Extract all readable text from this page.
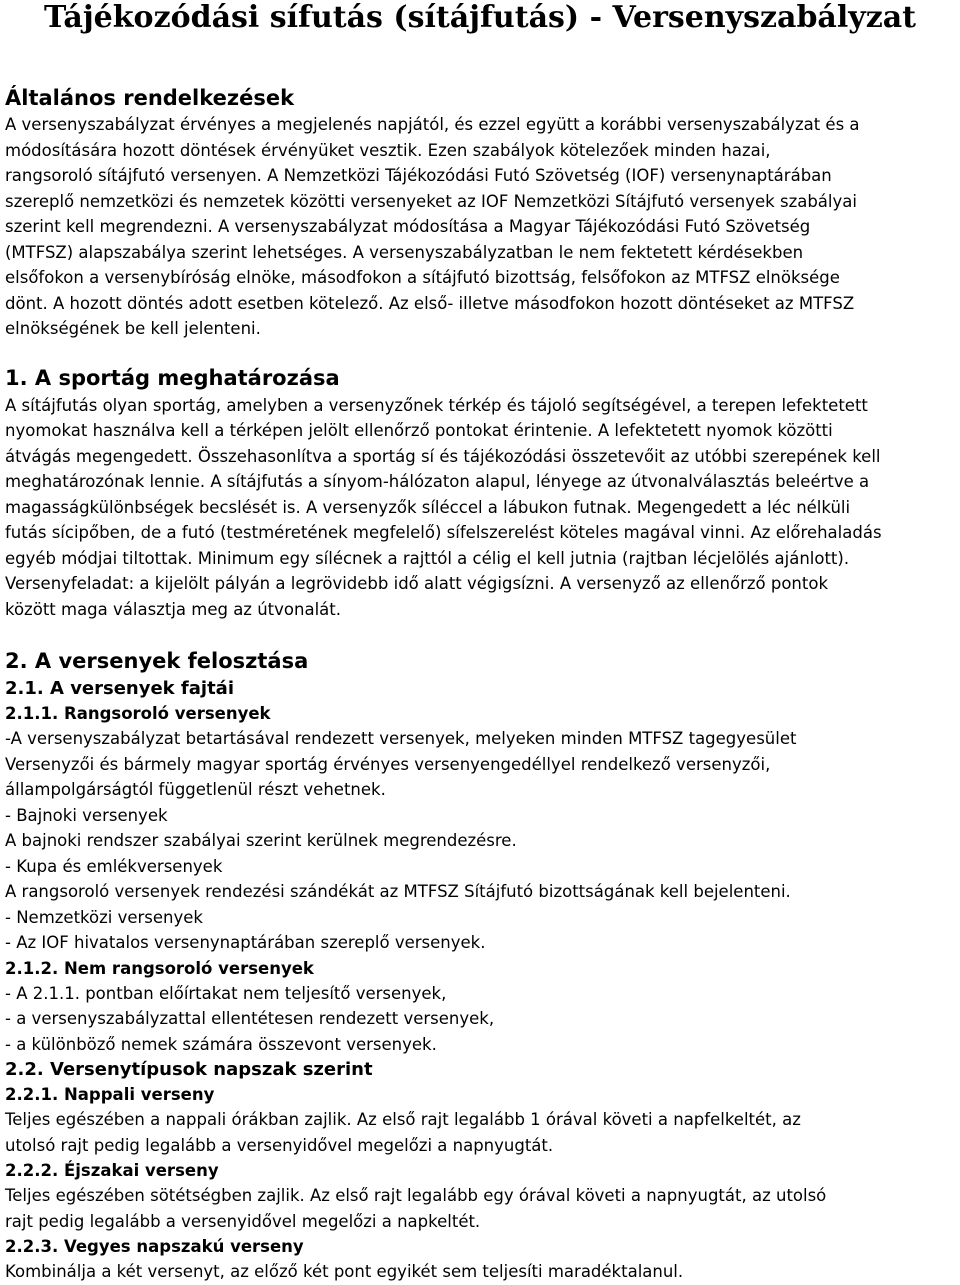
Tájékozódási sífutás (sítájfutás) - Versenyszabályzat
Általános rendelkezések
A versenyszabályzat érvényes a megjelenés napjától, és ezzel együtt a korábbi versenyszabályzat és a
módosítására hozott döntések érvényüket vesztik. Ezen szabályok kötelezőek minden hazai,
rangsoroló sítájfutó versenyen. A Nemzetközi Tájékozódási Futó Szövetség (IOF) versenynaptárában
szereplő nemzetközi és nemzetek közötti versenyeket az IOF Nemzetközi Sítájfutó versenyek szabályai
szerint kell megrendezni. A versenyszabályzat módosítása a Magyar Tájékozódási Futó Szövetség
(MTFSZ) alapszabálya szerint lehetséges. A versenyszabályzatban le nem fektetett kérdésekben
elsőfokon a versenybíróság elnöke, másodfokon a sítájfutó bizottság, felsőfokon az MTFSZ elnöksége
dönt. A hozott döntés adott esetben kötelező. Az első- illetve másodfokon hozott döntéseket az MTFSZ
elnökségének be kell jelenteni.
1. A sportág meghatározása
A sítájfutás olyan sportág, amelyben a versenyzőnek térkép és tájoló segítségével, a terepen lefektetett
nyomokat használva kell a térképen jelölt ellenőrző pontokat érintenie. A lefektetett nyomok közötti
átvágás megengedett. Összehasonlítva a sportág sí és tájékozódási összetevőit az utóbbi szerepének kell
meghatározónak lennie. A sítájfutás a sínyom-hálózaton alapul, lényege az útvonalválasztás beleértve a
magasságkülönbségek becslését is. A versenyzők síléccel a lábukon futnak. Megengedett a léc nélküli
futás sícipőben, de a futó (testméretének megfelelő) sífelszerelést köteles magával vinni. Az előrehaladás
egyéb módjai tiltottak. Minimum egy sílécnek a rajttól a célig el kell jutnia (rajtban lécjelölés ajánlott).
Versenyfeladat: a kijelölt pályán a legrövidebb idő alatt végigsízni. A versenyző az ellenőrző pontok
között maga választja meg az útvonalát.
2. A versenyek felosztása
2.1. A versenyek fajtái
2.1.1. Rangsoroló versenyek
-A versenyszabályzat betartásával rendezett versenyek, melyeken minden MTFSZ tagegyesület
Versenyzői és bármely magyar sportág érvényes versenyengedéllyel rendelkező versenyzői,
állampolgárságtól függetlenül részt vehetnek.
- Bajnoki versenyek
A bajnoki rendszer szabályai szerint kerülnek megrendezésre.
- Kupa és emlékversenyek
A rangsoroló versenyek rendezési szándékát az MTFSZ Sítájfutó bizottságának kell bejelenteni.
- Nemzetközi versenyek
- Az IOF hivatalos versenynaptárában szereplő versenyek.
2.1.2. Nem rangsoroló versenyek
- A 2.1.1. pontban előírtakat nem teljesítő versenyek,
- a versenyszabályzattal ellentétesen rendezett versenyek,
- a különböző nemek számára összevont versenyek.
2.2. Versenytípusok napszak szerint
2.2.1. Nappali verseny
Teljes egészében a nappali órákban zajlik. Az első rajt legalább 1 órával követi a napfelkeltét, az
utolsó rajt pedig legalább a versenyidővel megelőzi a napnyugtát.
2.2.2. Éjszakai verseny
Teljes egészében sötétségben zajlik. Az első rajt legalább egy órával követi a napnyugtát, az utolsó
rajt pedig legalább a versenyidővel megelőzi a napkeltét.
2.2.3. Vegyes napszakú verseny
Kombinálja a két versenyt, az előző két pont egyikét sem teljesíti maradéktalanul.
